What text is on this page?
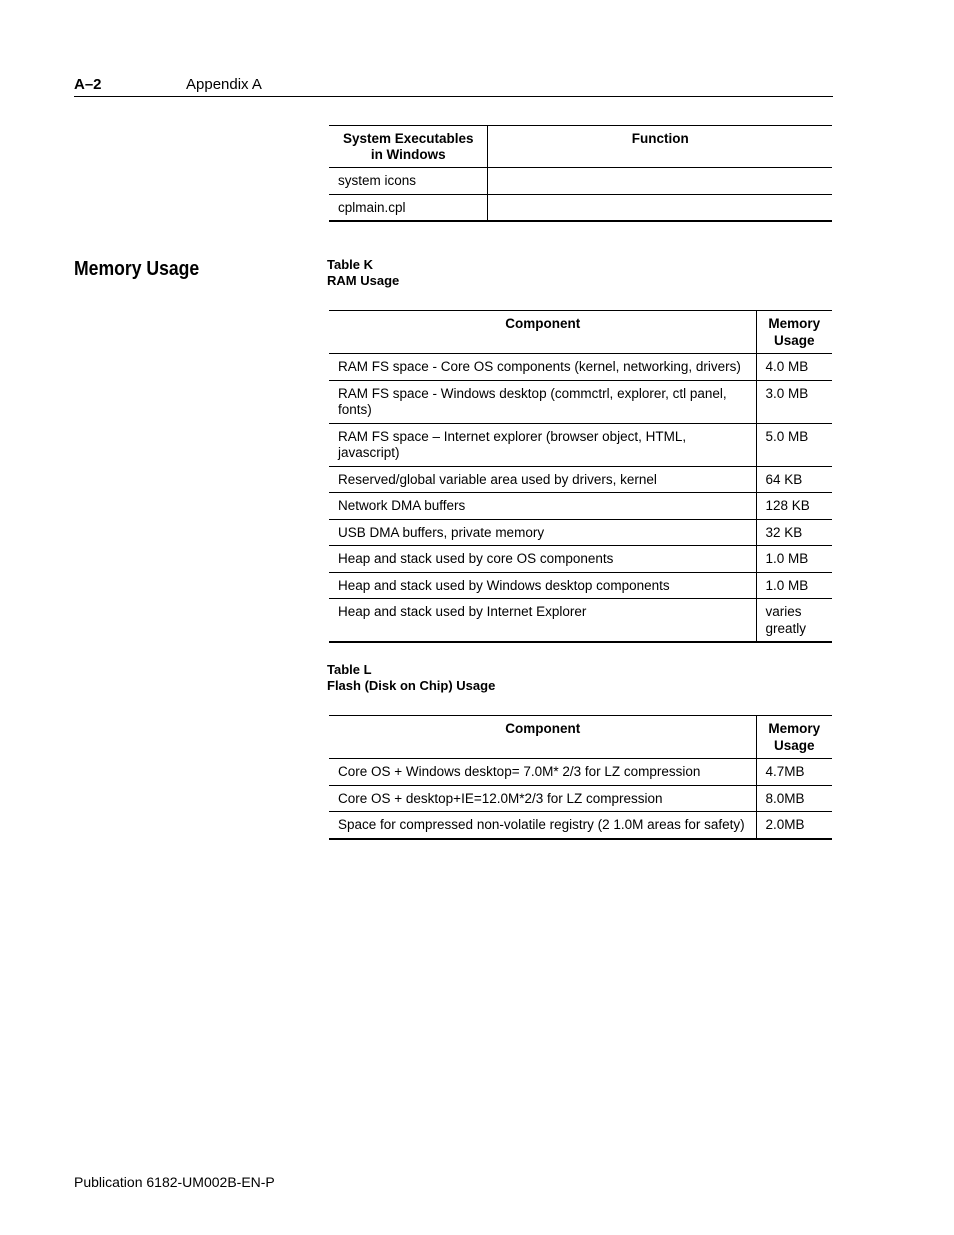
A–2	Appendix A
System Executables in Windows	Function
system icons	
cplmain.cpl	
Memory Usage	Table K
RAM Usage
Component	Memory Usage
RAM FS space - Core OS components (kernel, networking, drivers)	4.0 MB
RAM FS space - Windows desktop (commctrl, explorer, ctl panel, fonts)	3.0 MB
RAM FS space – Internet explorer (browser object, HTML, javascript)	5.0 MB
Reserved/global variable area used by drivers, kernel	64 KB
Network DMA buffers	128 KB
USB DMA buffers, private memory	32 KB
Heap and stack used by core OS components	1.0 MB
Heap and stack used by Windows desktop components	1.0 MB
Heap and stack used by Internet Explorer	varies greatly
Table L
Flash (Disk on Chip) Usage
Component	Memory Usage
Core OS + Windows desktop= 7.0M* 2/3 for LZ compression	4.7MB
Core OS + desktop+IE=12.0M*2/3 for LZ compression	8.0MB
Space for compressed non-volatile registry (2 1.0M areas for safety)	2.0MB
Publication 6182-UM002B-EN-P
